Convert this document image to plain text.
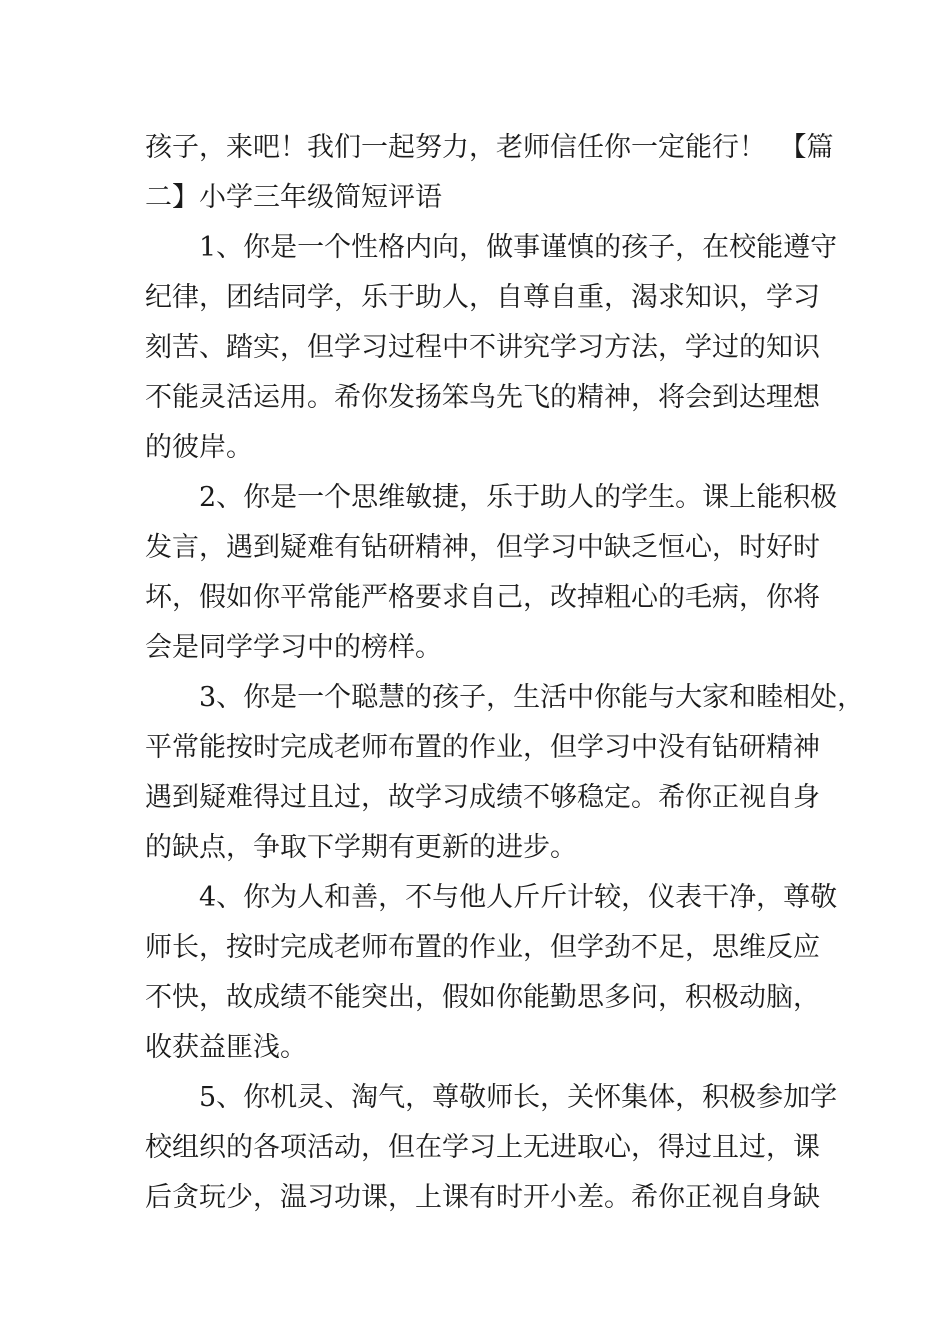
孩子，来吧！我们一起努力，老师信任你一定能行！　【篇
二】小学三年级简短评语
1、你是一个性格内向，做事谨慎的孩子，在校能遵守
纪律，团结同学，乐于助人，自尊自重，渴求知识，学习
刻苦、踏实，但学习过程中不讲究学习方法，学过的知识
不能灵活运用。希你发扬笨鸟先飞的精神，将会到达理想
的彼岸。
2、你是一个思维敏捷，乐于助人的学生。课上能积极
发言，遇到疑难有钻研精神，但学习中缺乏恒心，时好时
坏，假如你平常能严格要求自己，改掉粗心的毛病，你将
会是同学学习中的榜样。
3、你是一个聪慧的孩子，生活中你能与大家和睦相处，
平常能按时完成老师布置的作业，但学习中没有钻研精神
遇到疑难得过且过，故学习成绩不够稳定。希你正视自身
的缺点，争取下学期有更新的进步。
4、你为人和善，不与他人斤斤计较，仪表干净，尊敬
师长，按时完成老师布置的作业，但学劲不足，思维反应
不快，故成绩不能突出，假如你能勤思多问，积极动脑，
收获益匪浅。
5、你机灵、淘气，尊敬师长，关怀集体，积极参加学
校组织的各项活动，但在学习上无进取心，得过且过，课
后贪玩少，温习功课，上课有时开小差。希你正视自身缺
